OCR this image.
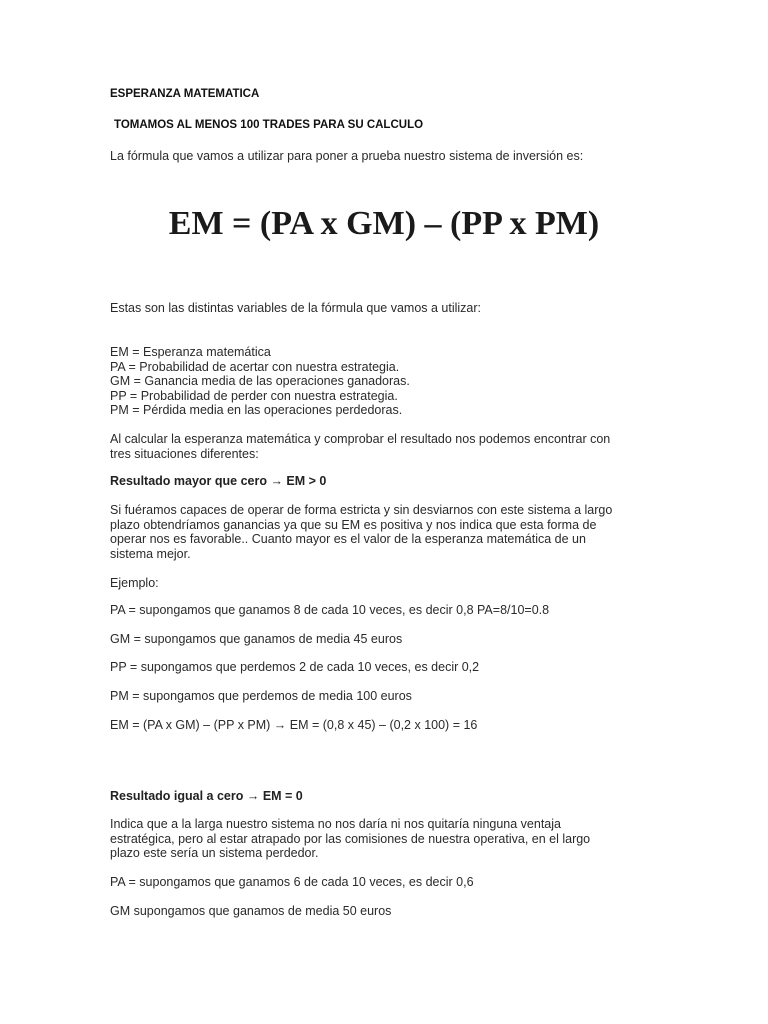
ESPERANZA MATEMATICA
TOMAMOS AL MENOS 100 TRADES PARA SU CALCULO
La fórmula que vamos a utilizar para poner a prueba nuestro sistema de inversión es:
EM = (PA x GM) – (PP x PM)
Estas son las distintas variables de la fórmula que vamos a utilizar:
EM = Esperanza matemática
PA = Probabilidad de acertar con nuestra estrategia.
GM = Ganancia media de las operaciones ganadoras.
PP = Probabilidad de perder con nuestra estrategia.
PM = Pérdida media en las operaciones perdedoras.
Al calcular la esperanza matemática y comprobar el resultado nos podemos encontrar con
tres situaciones diferentes:
Resultado mayor que cero → EM > 0
Si fuéramos capaces de operar de forma estricta y sin desviarnos con este sistema a largo
plazo obtendríamos ganancias ya que su EM es positiva y nos indica que esta forma de
operar nos es favorable.. Cuanto mayor es el valor de la esperanza matemática de un
sistema mejor.
Ejemplo:
PA = supongamos que ganamos 8 de cada 10 veces, es decir 0,8 PA=8/10=0.8
GM = supongamos que ganamos de media 45 euros
PP = supongamos que perdemos 2 de cada 10 veces, es decir 0,2
PM = supongamos que perdemos de media 100 euros
EM = (PA x GM) – (PP x PM) → EM = (0,8 x 45) – (0,2 x 100) = 16
Resultado igual a cero → EM = 0
Indica que a la larga nuestro sistema no nos daría ni nos quitaría ninguna ventaja
estratégica, pero al estar atrapado por las comisiones de nuestra operativa, en el largo
plazo este sería un sistema perdedor.
PA = supongamos que ganamos 6 de cada 10 veces, es decir 0,6
GM supongamos que ganamos de media 50 euros
